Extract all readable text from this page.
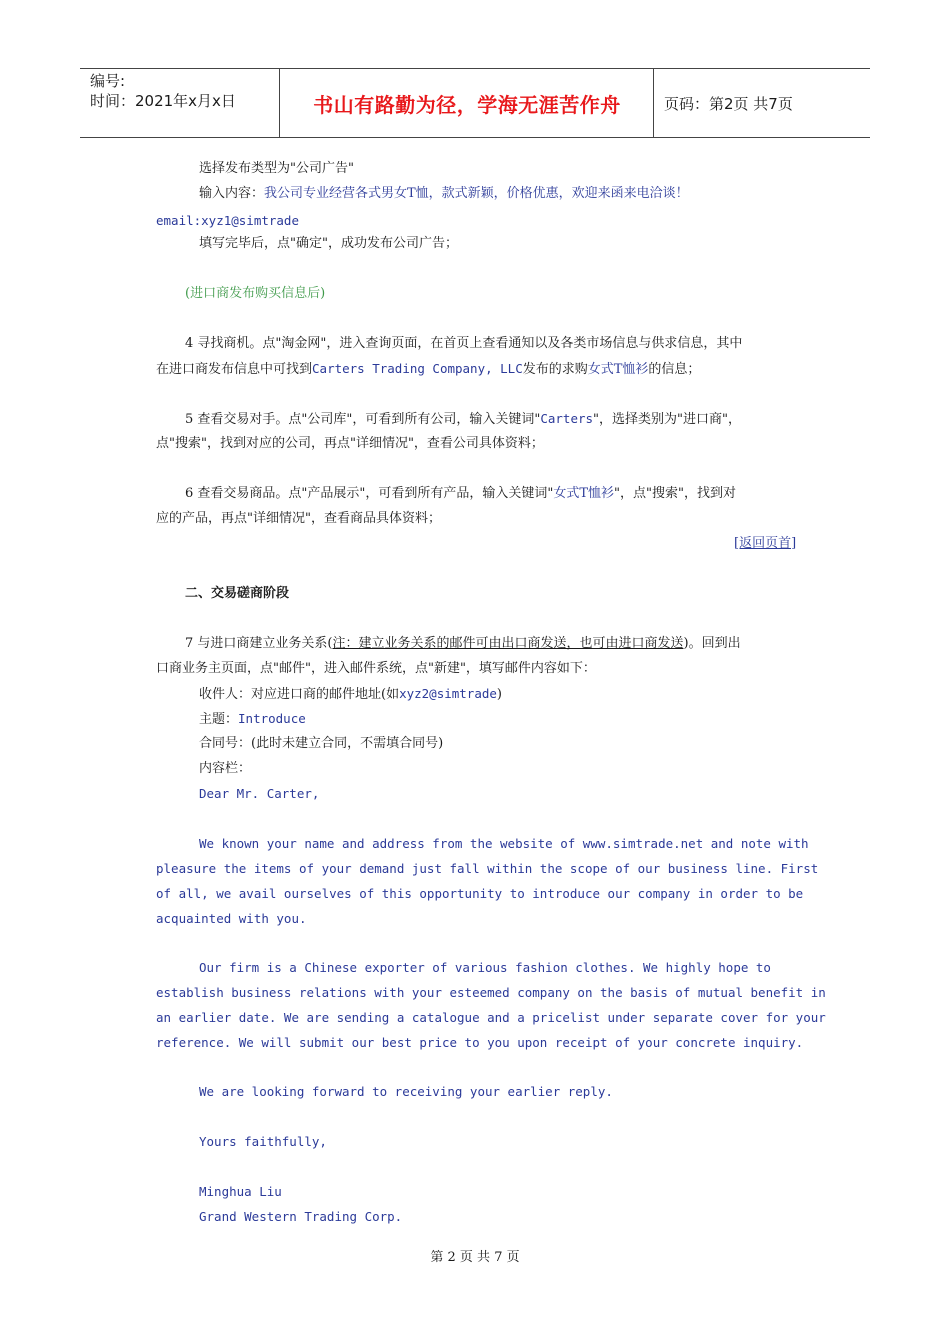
编号:
时间：2021年x月x日	书山有路勤为径，学海无涯苦作舟	页码：第2页 共7页
选择发布类型为"公司广告"
输入内容：我公司专业经营各式男女T恤，款式新颖，价格优惠，欢迎来函来电洽谈！
email:xyz1@simtrade
填写完毕后，点"确定"，成功发布公司广告；
(进口商发布购买信息后)
4 寻找商机。点"淘金网"，进入查询页面，在首页上查看通知以及各类市场信息与供求信息，其中
在进口商发布信息中可找到Carters Trading Company, LLC发布的求购女式T恤衫的信息；
5 查看交易对手。点"公司库"，可看到所有公司，输入关键词"Carters"，选择类别为"进口商"，
点"搜索"，找到对应的公司，再点"详细情况"，查看公司具体资料；
6 查看交易商品。点"产品展示"，可看到所有产品，输入关键词"女式T恤衫"，点"搜索"，找到对
应的产品，再点"详细情况"，查看商品具体资料；
[返回页首]
二、交易磋商阶段
7 与进口商建立业务关系(注：建立业务关系的邮件可由出口商发送，也可由进口商发送)。回到出
口商业务主页面，点"邮件"，进入邮件系统，点"新建"，填写邮件内容如下：
收件人：对应进口商的邮件地址(如xyz2@simtrade)
主题：Introduce
合同号：(此时未建立合同，不需填合同号)
内容栏：
Dear Mr. Carter,
We known your name and address from the website of www.simtrade.net and note with
pleasure the items of your demand just fall within the scope of our business line. First
of all, we avail ourselves of this opportunity to introduce our company in order to be
acquainted with you.
Our firm is a Chinese exporter of various fashion clothes. We highly hope to
establish business relations with your esteemed company on the basis of mutual benefit in
an earlier date. We are sending a catalogue and a pricelist under separate cover for your
reference. We will submit our best price to you upon receipt of your concrete inquiry.
We are looking forward to receiving your earlier reply.
Yours faithfully,
Minghua Liu
Grand Western Trading Corp.
第 2 页 共 7 页
